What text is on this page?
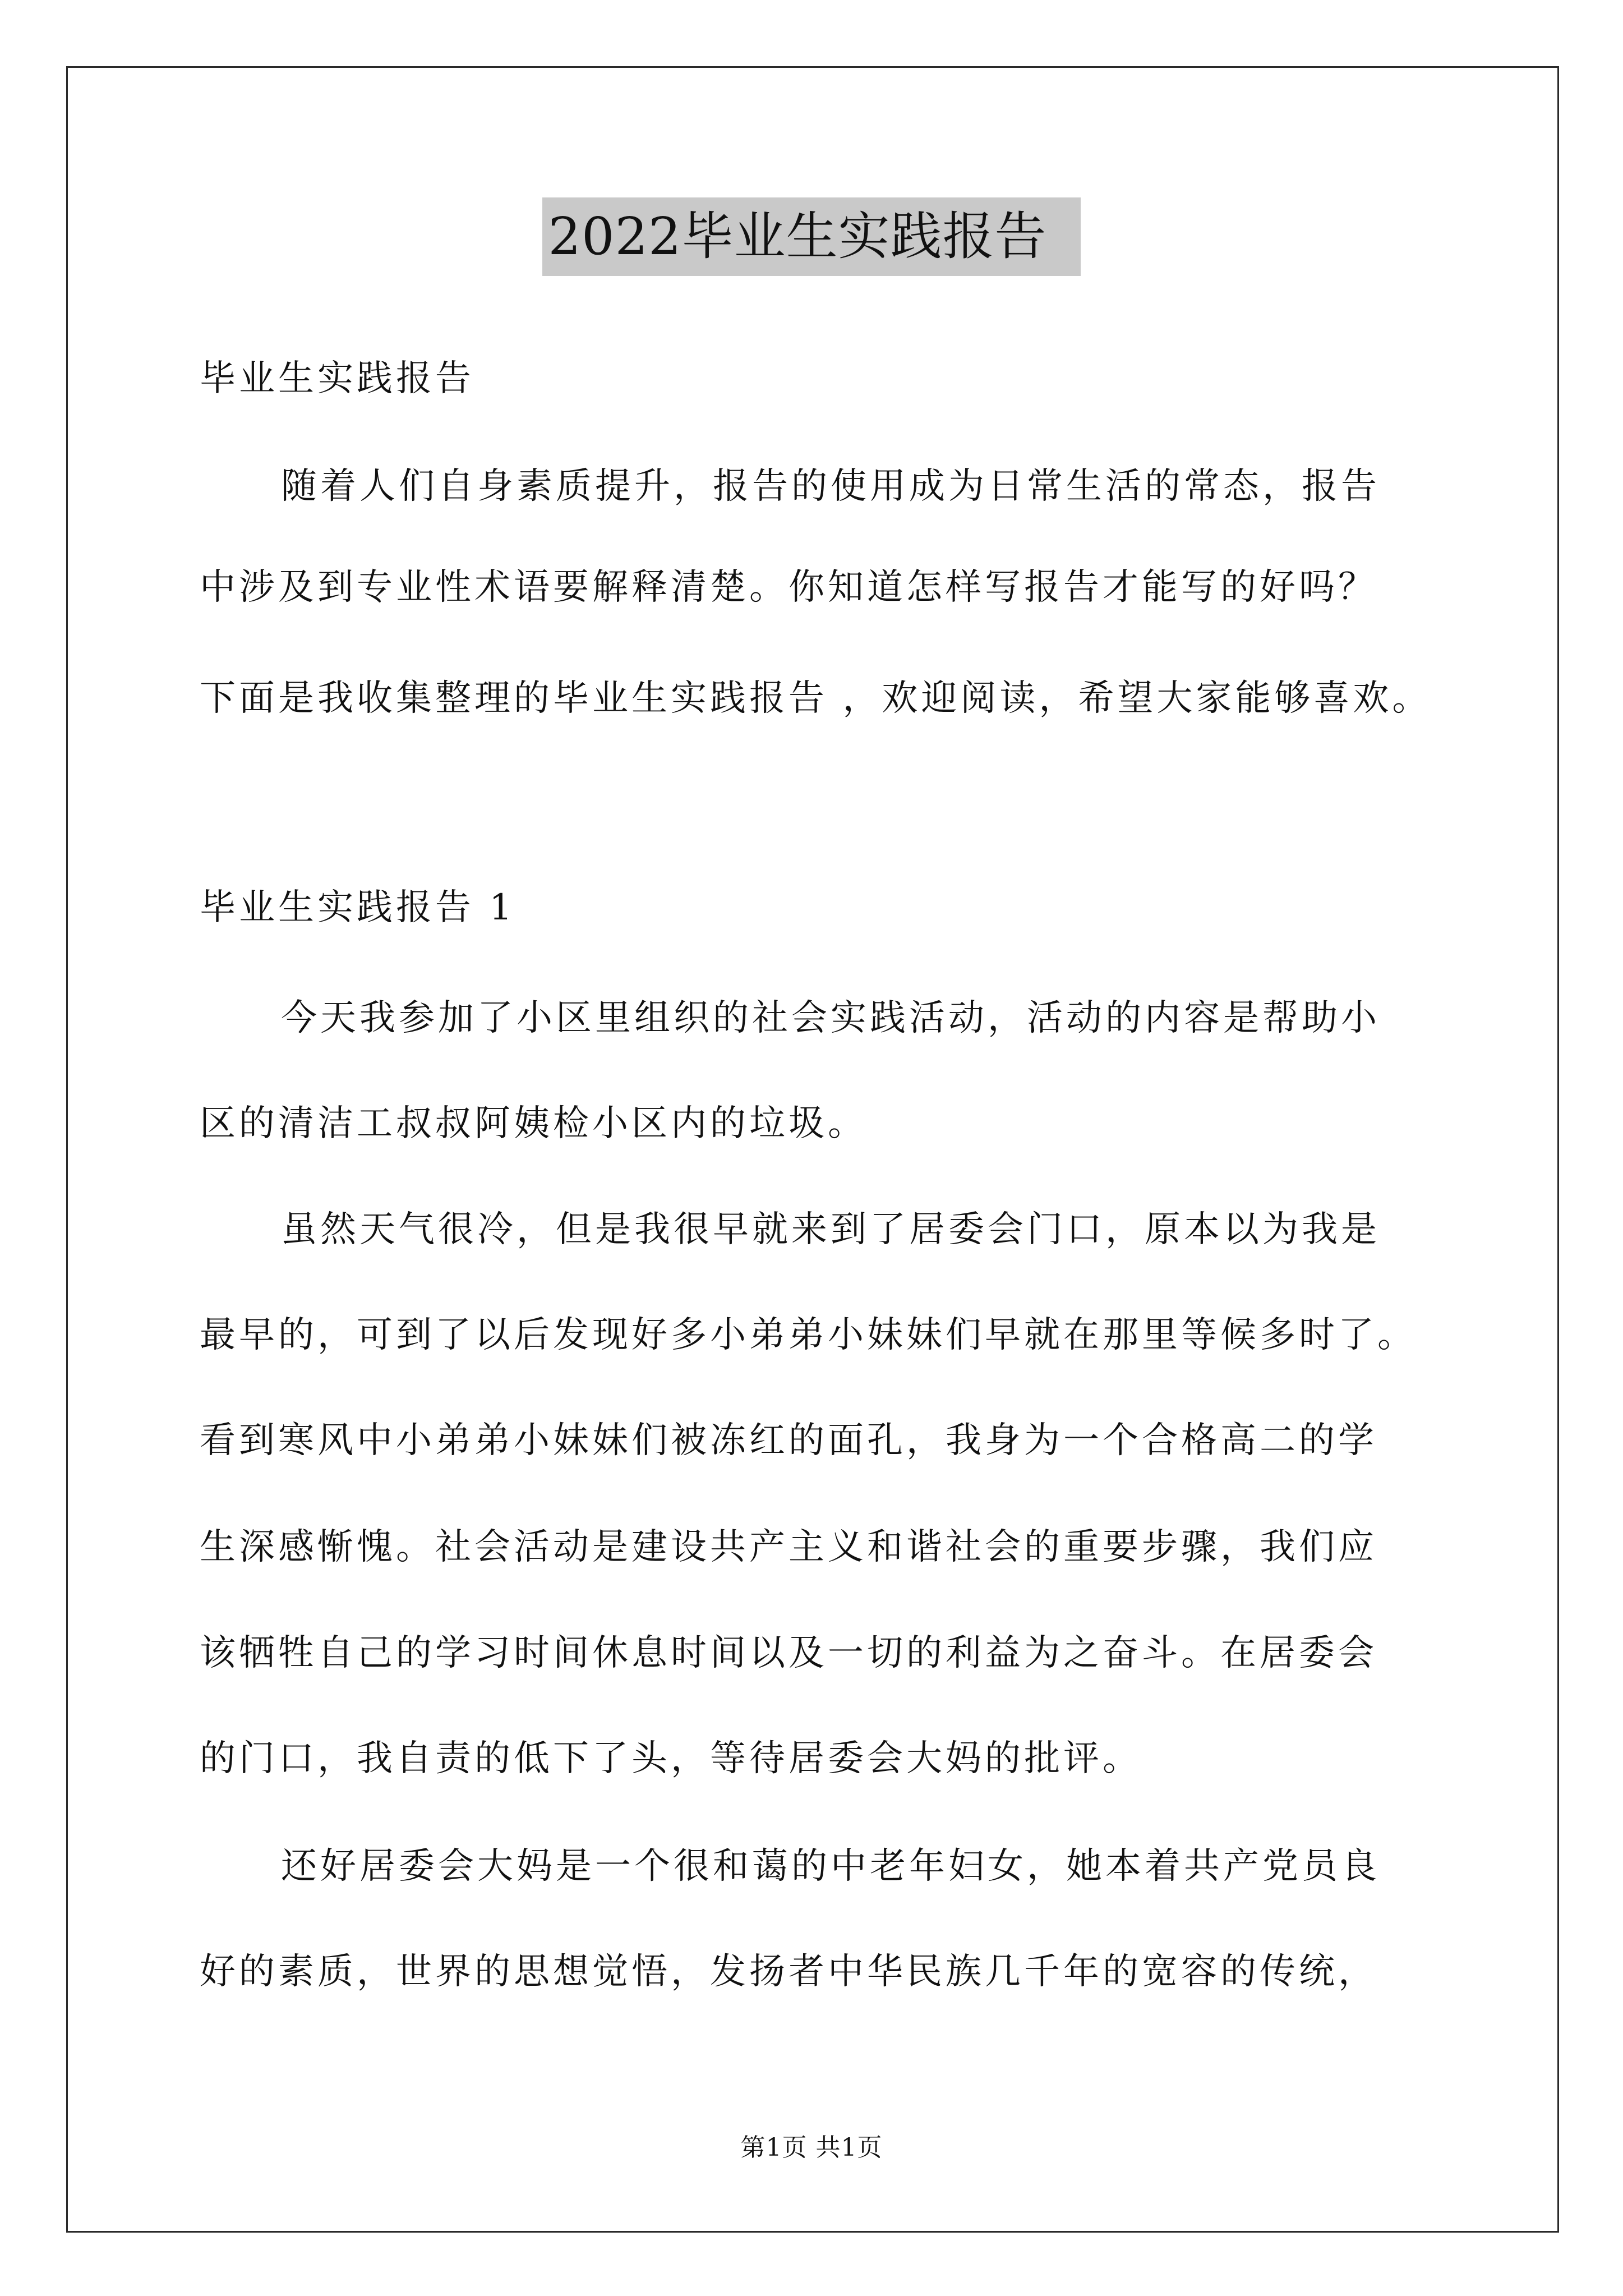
2022毕业生实践报告
毕业生实践报告
随着人们自身素质提升，报告的使用成为日常生活的常态，报告
中涉及到专业性术语要解释清楚。你知道怎样写报告才能写的好吗？
下面是我收集整理的毕业生实践报告 ，欢迎阅读，希望大家能够喜欢。
毕业生实践报告 1
今天我参加了小区里组织的社会实践活动，活动的内容是帮助小
区的清洁工叔叔阿姨检小区内的垃圾。
虽然天气很冷，但是我很早就来到了居委会门口，原本以为我是
最早的，可到了以后发现好多小弟弟小妹妹们早就在那里等候多时了。
看到寒风中小弟弟小妹妹们被冻红的面孔，我身为一个合格高二的学
生深感惭愧。社会活动是建设共产主义和谐社会的重要步骤，我们应
该牺牲自己的学习时间休息时间以及一切的利益为之奋斗。在居委会
的门口，我自责的低下了头，等待居委会大妈的批评。
还好居委会大妈是一个很和蔼的中老年妇女，她本着共产党员良
好的素质，世界的思想觉悟，发扬者中华民族几千年的宽容的传统，
第1页 共1页
